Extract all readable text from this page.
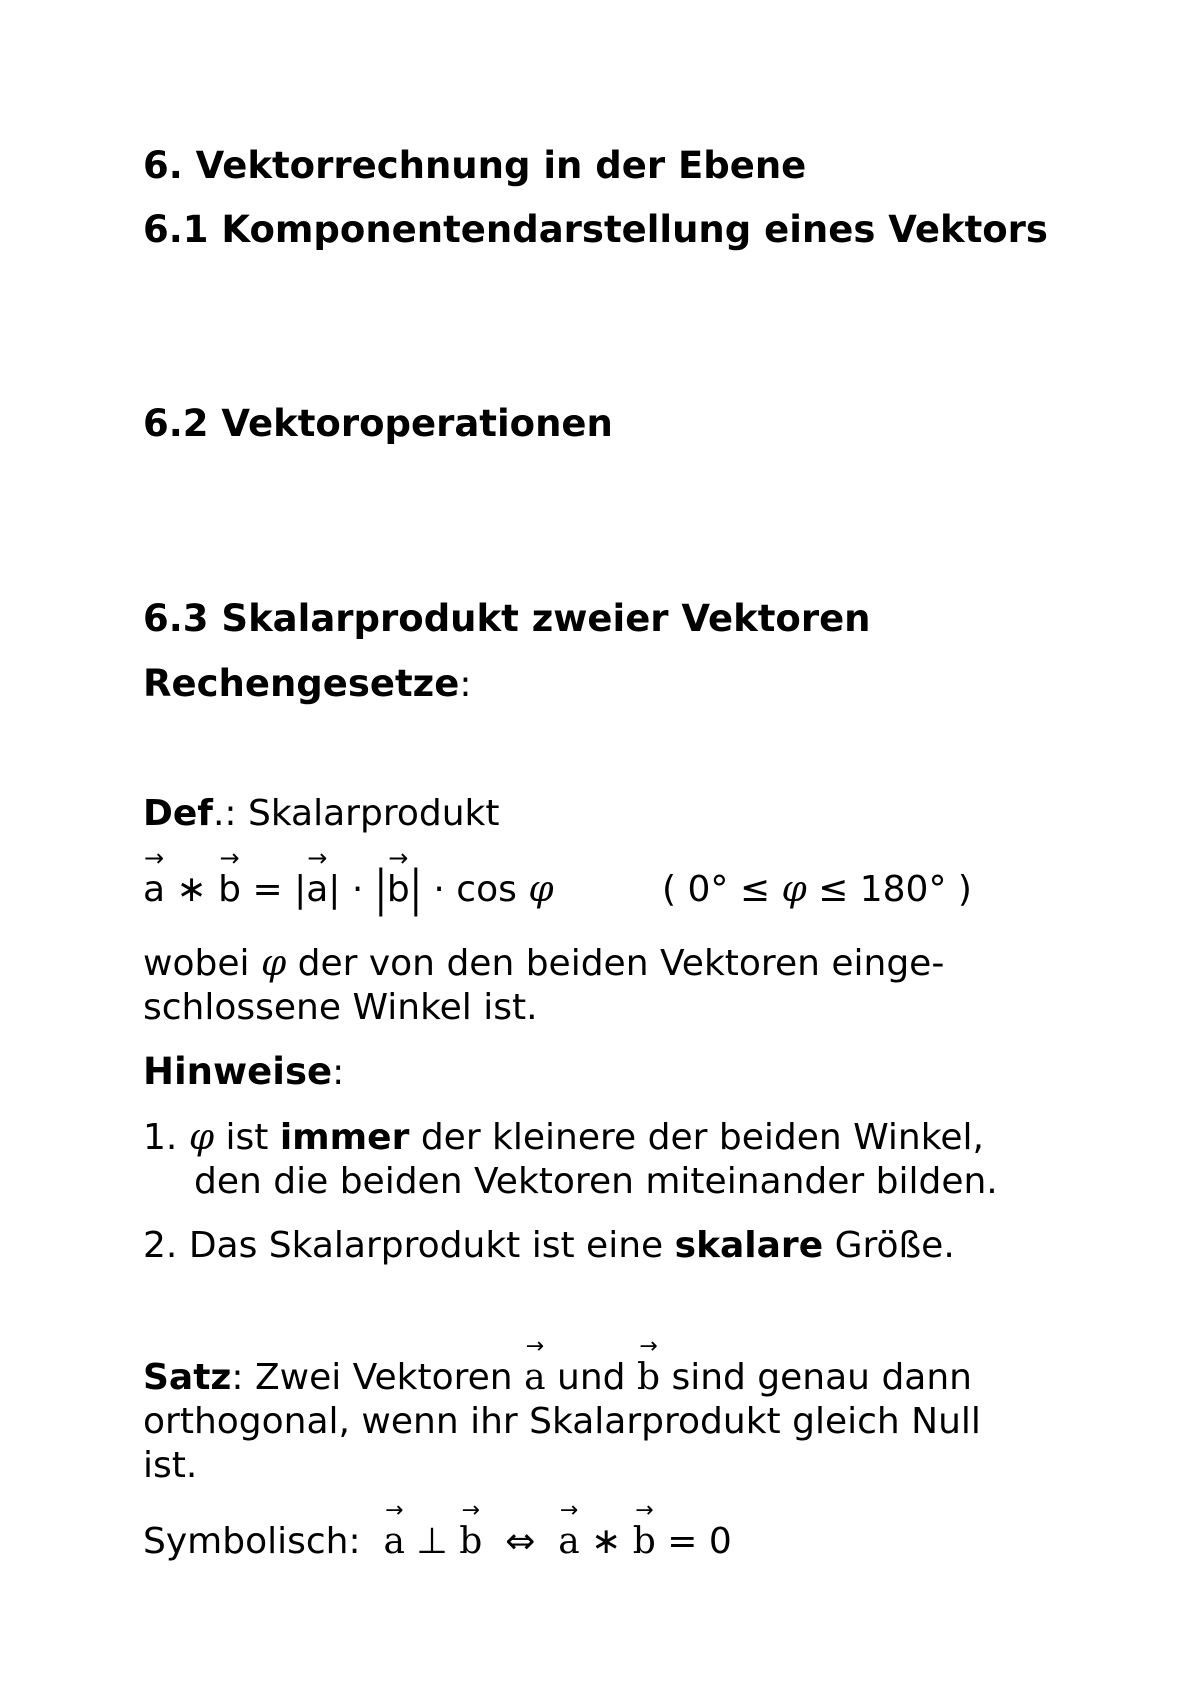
6. Vektorrechnung in der Ebene
6.1 Komponentendarstellung eines Vektors
6.2 Vektoroperationen
6.3 Skalarprodukt zweier Vektoren
Rechengesetze:
Def.: Skalarprodukt
→
a ∗
→
b = |
→
a| · |
→
b| · cos φ	( 0° ≤ φ ≤ 180° )
wobei φ der von den beiden Vektoren einge-
schlossene Winkel ist.
Hinweise:
1. φ ist immer der kleinere der beiden Winkel,
den die beiden Vektoren miteinander bilden.
2. Das Skalarprodukt ist eine skalare Größe.
Satz: Zwei Vektoren
→
a und
→
b sind genau dann
orthogonal, wenn ihr Skalarprodukt gleich Null
ist.
Symbolisch:
→
a ⊥
→
b ⇔
→
a ∗
→
b = 0
